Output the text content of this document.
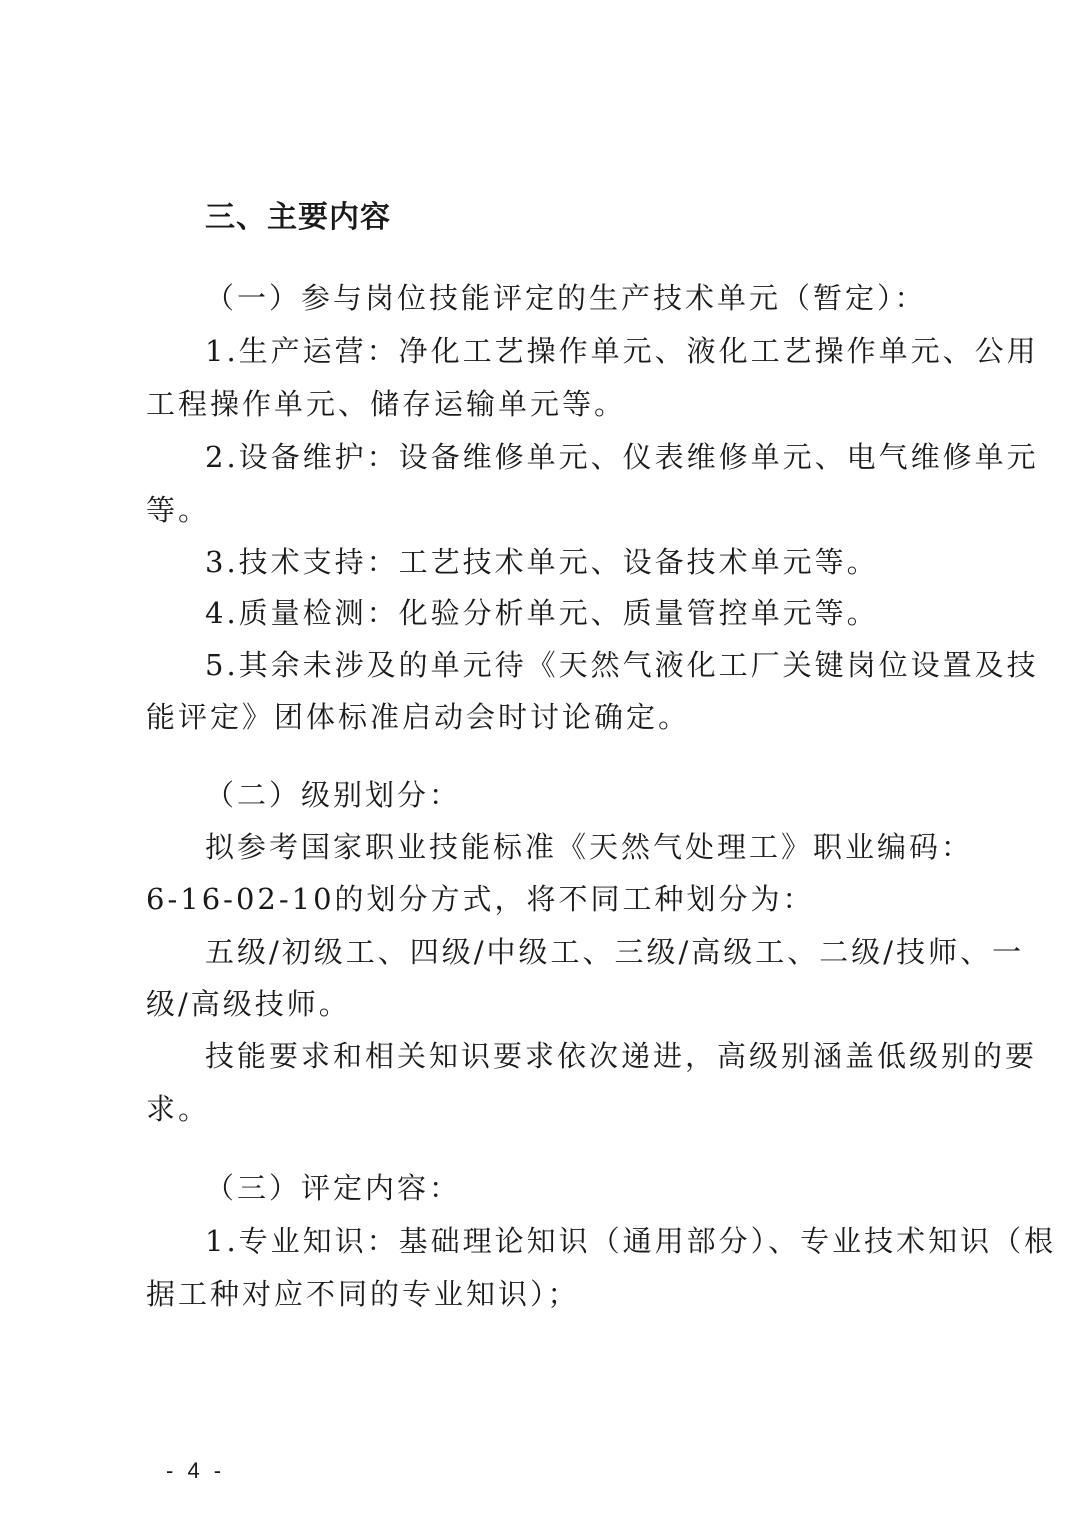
三、主要内容
（一）参与岗位技能评定的生产技术单元（暂定）：
1.生产运营：净化工艺操作单元、液化工艺操作单元、公用
工程操作单元、储存运输单元等。
2.设备维护：设备维修单元、仪表维修单元、电气维修单元
等。
3.技术支持：工艺技术单元、设备技术单元等。
4.质量检测：化验分析单元、质量管控单元等。
5.其余未涉及的单元待《天然气液化工厂关键岗位设置及技
能评定》团体标准启动会时讨论确定。
（二）级别划分：
拟参考国家职业技能标准《天然气处理工》职业编码：
6-16-02-10的划分方式，将不同工种划分为：
五级/初级工、四级/中级工、三级/高级工、二级/技师、一
级/高级技师。
技能要求和相关知识要求依次递进，高级别涵盖低级别的要
求。
（三）评定内容：
1.专业知识：基础理论知识（通用部分）、专业技术知识（根
据工种对应不同的专业知识）；
- 4 -
